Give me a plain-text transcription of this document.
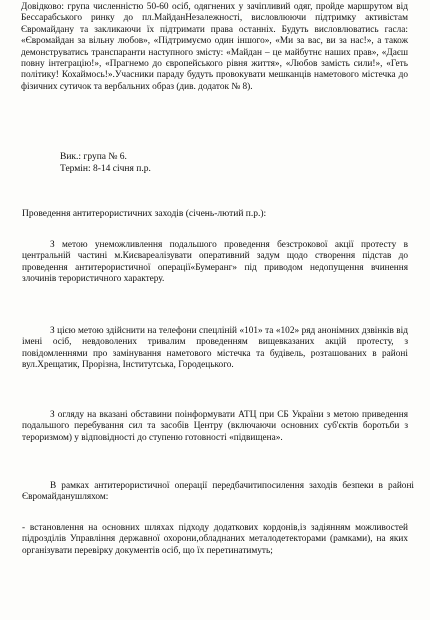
Довідково: група численністю 50-60 осіб, одягнених у зачіпливий одяг, пройде маршрутом від Бессарабського ринку до пл.МайданНезалежності, висловлюючи підтримку активістам Євромайдану та закликаючи їх підтримати права останніх. Будуть висловлюватись гасла: «Євромайдан за вільну любов», «Підтримуємо один іншого», «Ми за вас, ви за нас!», а також демонструватись транспаранти наступного змісту: «Майдан – це майбутнє наших прав», «Даєш повну інтеграцію!», «Прагнемо до європейського рівня життя», «Любов замість сили!», «Геть політику! Кохаймось!».Учасники параду будуть провокувати мешканців наметового містечка до фізичних сутичок та вербальних образ (див. додаток № 8).

Вик.: група № 6.

Термін: 8-14 січня п.р.

Проведення антитерористичних заходів (січень-лютий п.р.):

З метою унеможливлення подальшого проведення безстрокової акції протесту в центральній частині м.Києвареалізувати оперативний задум щодо створення підстав до проведення антитерористичної операції«Бумеранг» під приводом недопущення вчинення злочинів терористичного характеру.

З цією метою здійснити на телефони спецліній «101» та «102» ряд анонімних дзвінків від імені осіб, невдоволених тривалим проведенням вищевказаних акцій протесту, з повідомленнями про замінування наметового містечка та будівель, розташованих в районі вул.Хрещатик, Прорізна, Інститутська, Городецького.

З огляду на вказані обставини поінформувати АТЦ при СБ України з метою приведення подальшого перебування сил та засобів Центру (включаючи основних суб'єктів боротьби з тероризмом) у відповідності до ступеню готовності «підвищена».

В рамках антитерористичної операції передбачитипосилення заходів безпеки в районі Євромайданушляхом:

- встановлення на основних шляхах підходу додаткових кордонів,із задіянням можливостей підрозділів Управління державної охорони,обладнаних металодетекторами (рамками), на яких організувати перевірку документів осіб, що їх перетинатимуть;
